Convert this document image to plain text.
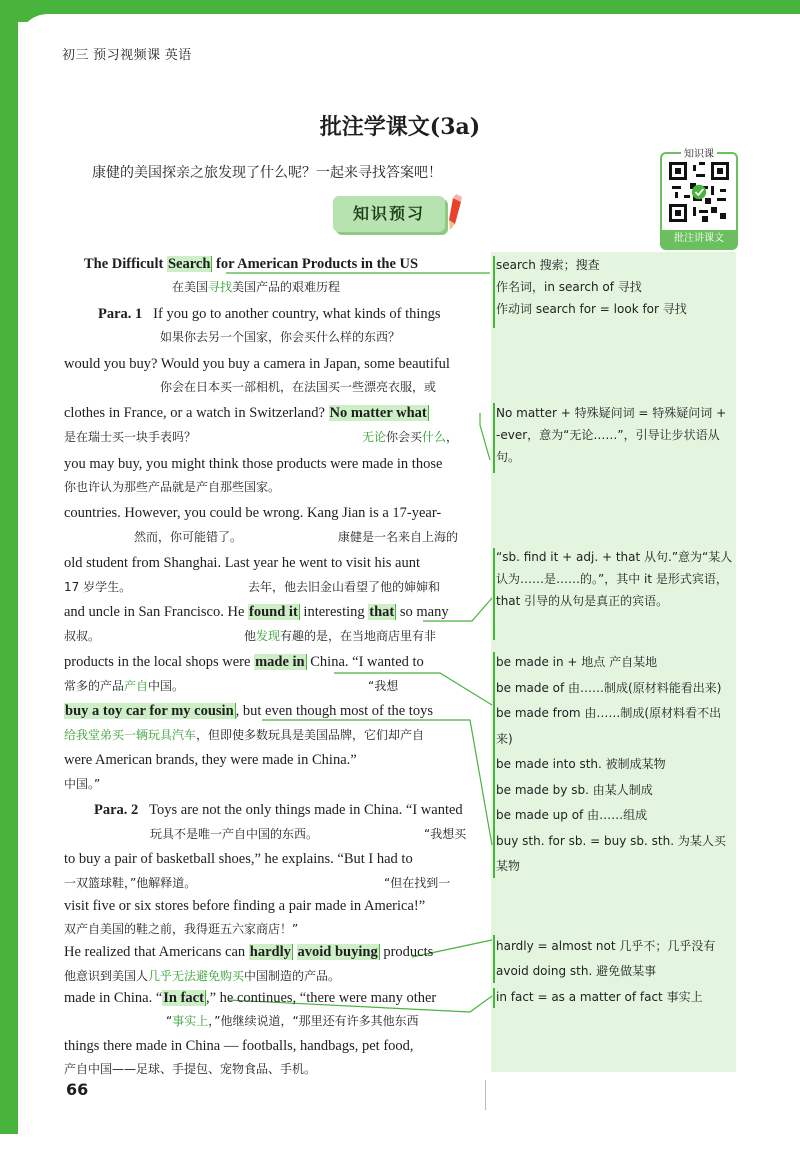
初三 预习视频课 英语
批注学课文(3a)
康健的美国探亲之旅发现了什么呢？一起来寻找答案吧！
知识预习
知识课
批注讲课文
search 搜索；搜查
作名词，in search of 寻找
作动词 search for = look for 寻找
No matter + 特殊疑问词 = 特殊疑问词 + -ever，意为“无论……”，引导让步状语从句。
“sb. find it + adj. + that 从句.”意为“某人认为……是……的。”，其中 it 是形式宾语，that 引导的从句是真正的宾语。
be made in + 地点 产自某地
be made of 由……制成(原材料能看出来)
be made from 由……制成(原材料看不出来)
be made into sth. 被制成某物
be made by sb. 由某人制成
be made up of 由……组成
buy sth. for sb. = buy sb. sth. 为某人买某物
hardly = almost not 几乎不；几乎没有
avoid doing sth. 避免做某事
in fact = as a matter of fact 事实上
The Difficult Search for American Products in the US
在美国寻找美国产品的艰难历程
Para. 1 If you go to another country, what kinds of things
如果你去另一个国家，你会买什么样的东西？
would you buy? Would you buy a camera in Japan, some beautiful
你会在日本买一部相机，在法国买一些漂亮衣服，或
clothes in France, or a watch in Switzerland? No matter what
是在瑞士买一块手表吗？	无论你会买什么，
you may buy, you might think those products were made in those
你也许认为那些产品就是产自那些国家。
countries. However, you could be wrong. Kang Jian is a 17-year-
然而，你可能错了。	康健是一名来自上海的
old student from Shanghai. Last year he went to visit his aunt
17 岁学生。	去年，他去旧金山看望了他的婶婶和
and uncle in San Francisco. He found it interesting that so many
叔叔。	他发现有趣的是，在当地商店里有非
products in the local shops were made in China. “I wanted to
常多的产品产自中国。	“我想
buy a toy car for my cousin , but even though most of the toys
给我堂弟买一辆玩具汽车，但即使多数玩具是美国品牌，它们却产自
were American brands, they were made in China.”
中国。”
Para. 2 Toys are not the only things made in China. “I wanted
玩具不是唯一产自中国的东西。	“我想买
to buy a pair of basketball shoes,” he explains. “But I had to
一双篮球鞋，”他解释道。	“但在找到一
visit five or six stores before finding a pair made in America!”
双产自美国的鞋之前，我得逛五六家商店！”
He realized that Americans can hardly avoid buying products
他意识到美国人几乎无法避免购买中国制造的产品。
made in China. “In fact ,” he continues, “there were many other
“事实上，”他继续说道，“那里还有许多其他东西
things there made in China — footballs, handbags, pet food,
产自中国——足球、手提包、宠物食品、手机。
66
